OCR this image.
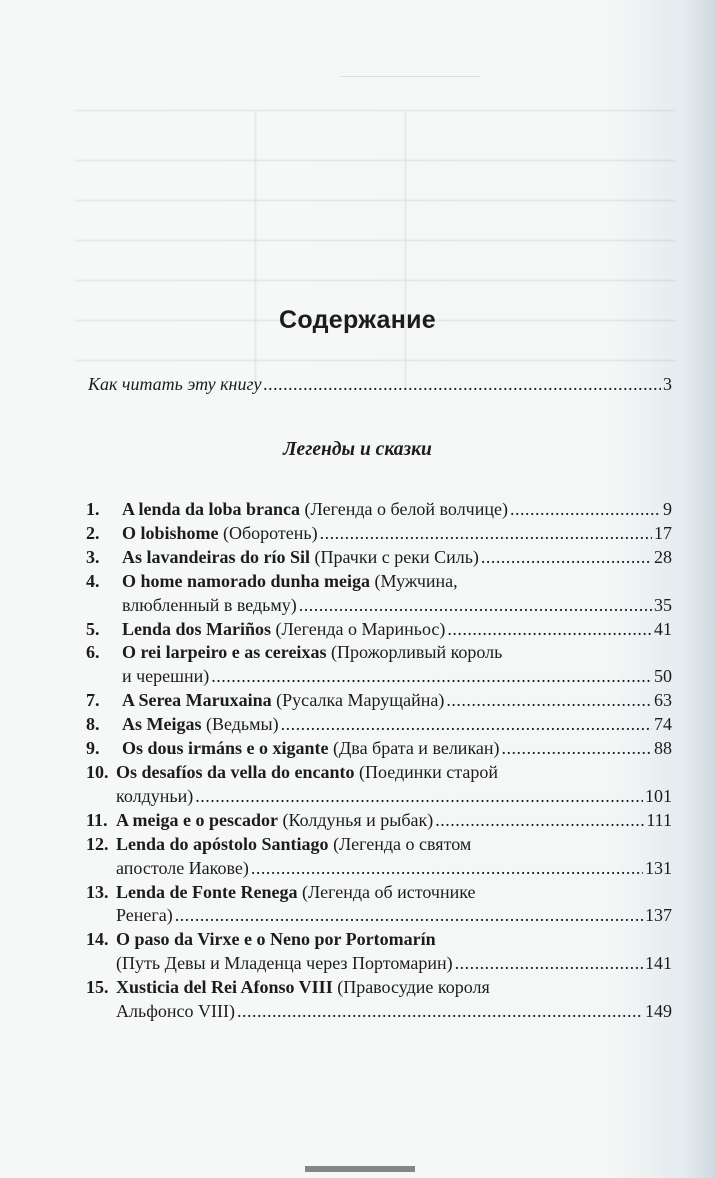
Содержание
Как читать эту книгу .....	3
Легенды и сказки
1.	A lenda da loba branca
(Легенда о белой волчице) .....	9
2.	O lobishome
(Оборотень) .....	17
3.	As lavandeiras do río Sil
(Прачки с реки Силь) .....	28
4.	O home namorado dunha meiga
(Мужчина,
влюбленный в ведьму) .....	35
5.	Lenda dos Mariños
(Легенда о Мариньос) .....	41
6.	O rei larpeiro e as cereixas
(Прожорливый король
и черешни) .....	50
7.	A Serea Maruxaina
(Русалка Марущайна) .....	63
8.	As Meigas
(Ведьмы) .....	74
9.	Os dous irmáns e o xigante
(Два брата и великан) .....	88
10. Os desafíos da vella do encanto
(Поединки старой
колдуньи) .....	101
11. A meiga e o pescador
(Колдунья и рыбак) .....	111
12. Lenda do apóstolo Santiago
(Легенда о святом
апостоле Иакове) .....	131
13. Lenda de Fonte Renega
(Легенда об источнике
Ренега) .....	137
14. O paso da Virxe e o Neno por Portomarín
(Путь Девы и Младенца через Портомарин) .....	141
15. Xusticia del Rei Afonso VIII
(Правосудие короля
Альфонсо VIII) .....	149
